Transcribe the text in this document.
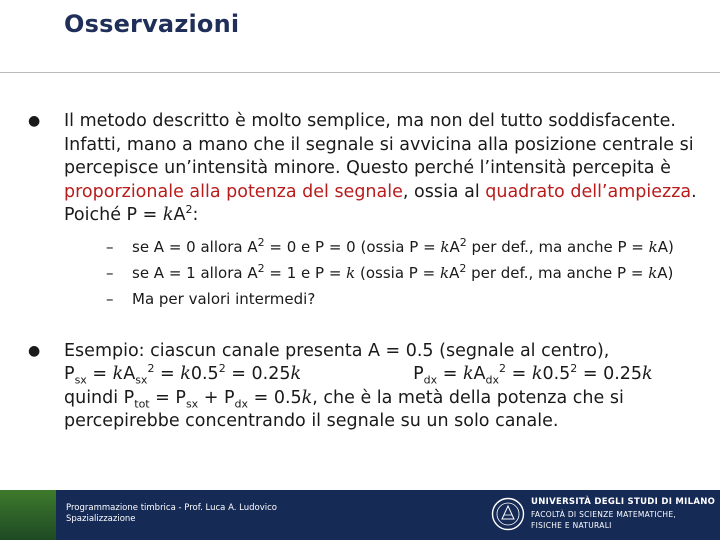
Osservazioni
● Il metodo descritto è molto semplice, ma non del tutto soddisfacente. Infatti, mano a mano che il segnale si avvicina alla posizione centrale si percepisce un’intensità minore. Questo perché l’intensità percepita è proporzionale alla potenza del segnale, ossia al quadrato dell’ampiezza.
Poiché $P = kA^2$:
– se A = 0 allora $A^2 = 0$ e P = 0 (ossia $P = kA^2$ per def., ma anche P = kA)
– se A = 1 allora $A^2 = 1$ e P = k (ossia $P = kA^2$ per def., ma anche P = kA)
– Ma per valori intermedi?
● Esempio: ciascun canale presenta A = 0.5 (segnale al centro),
$P_{sx} = kA_{sx}^2 = k0.5^2 = 0.25k$	$P_{dx} = kA_{dx}^2 = k0.5^2 = 0.25k$
quindi $P_{tot} = P_{sx} + P_{dx} = 0.5k$, che è la metà della potenza che si percepirebbe concentrando il segnale su un solo canale.
Programmazione timbrica - Prof. Luca A. Ludovico
Spazializzazione
UNIVERSITÀ DEGLI STUDI DI MILANO
FACOLTÀ DI SCIENZE MATEMATICHE,
FISICHE E NATURALI
